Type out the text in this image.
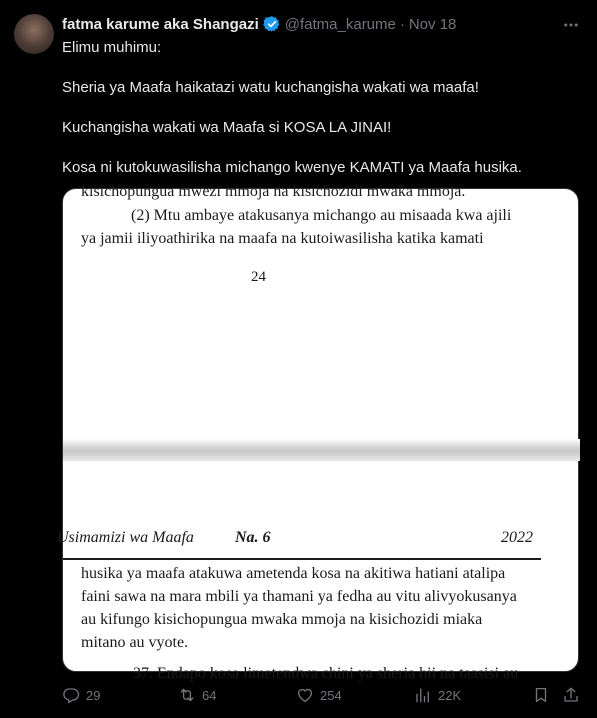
fatma karume aka Shangazi @fatma_karume · Nov 18

Elimu muhimu:

Sheria ya Maafa haikatazi watu kuchangisha wakati wa maafa!

Kuchangisha wakati wa Maafa si KOSA LA JINAI!

Kosa ni kutokuwasilisha michango kwenye KAMATI ya Maafa husika.

kisichopungua mwezi mmoja na kisichozidi mwaka mmoja.
(2) Mtu ambaye atakusanya michango au misaada kwa ajili
ya jamii iliyoathirika na maafa na kutoiwasilisha katika kamati
24
Usimamizi wa Maafa	Na. 6	2022
husika ya maafa atakuwa ametenda kosa na akitiwa hatiani atalipa
faini sawa na mara mbili ya thamani ya fedha au vitu alivyokusanya
au kifungo kisichopungua mwaka mmoja na kisichozidi miaka
mitano au vyote.
37. Endapo kosa limetendwa chini ya sheria hii na taasisi au
29	64	254	22K
